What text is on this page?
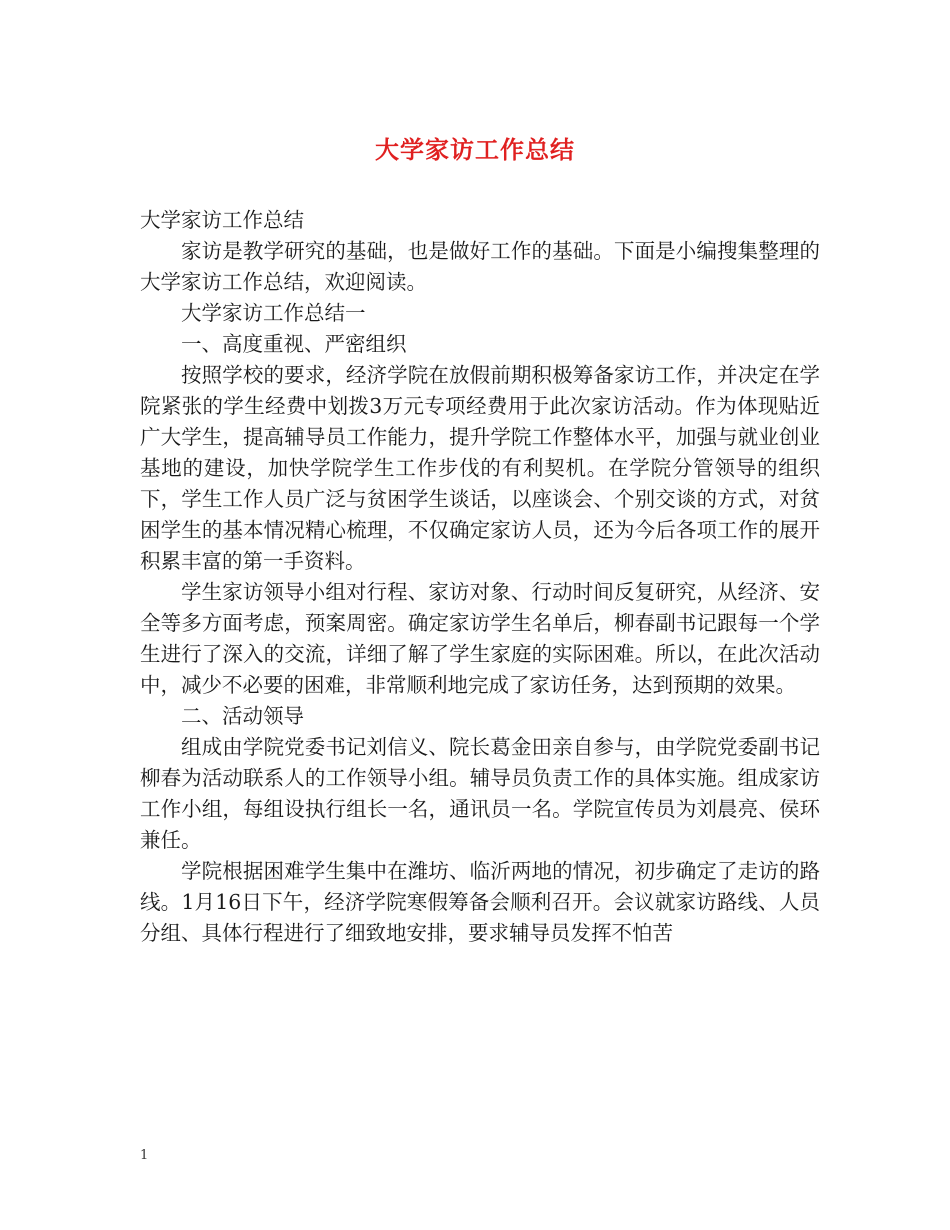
大学家访工作总结

大学家访工作总结

家访是教学研究的基础，也是做好工作的基础。下面是小编搜集整理的大学家访工作总结，欢迎阅读。

大学家访工作总结一

一、高度重视、严密组织

按照学校的要求，经济学院在放假前期积极筹备家访工作，并决定在学院紧张的学生经费中划拨3万元专项经费用于此次家访活动。作为体现贴近广大学生，提高辅导员工作能力，提升学院工作整体水平，加强与就业创业基地的建设，加快学院学生工作步伐的有利契机。在学院分管领导的组织下，学生工作人员广泛与贫困学生谈话，以座谈会、个别交谈的方式，对贫困学生的基本情况精心梳理，不仅确定家访人员，还为今后各项工作的展开积累丰富的第一手资料。

学生家访领导小组对行程、家访对象、行动时间反复研究，从经济、安全等多方面考虑，预案周密。确定家访学生名单后，柳春副书记跟每一个学生进行了深入的交流，详细了解了学生家庭的实际困难。所以，在此次活动中，减少不必要的困难，非常顺利地完成了家访任务，达到预期的效果。

二、活动领导

组成由学院党委书记刘信义、院长葛金田亲自参与，由学院党委副书记柳春为活动联系人的工作领导小组。辅导员负责工作的具体实施。组成家访工作小组，每组设执行组长一名，通讯员一名。学院宣传员为刘晨亮、侯环兼任。

学院根据困难学生集中在潍坊、临沂两地的情况，初步确定了走访的路线。1月16日下午，经济学院寒假筹备会顺利召开。会议就家访路线、人员分组、具体行程进行了细致地安排，要求辅导员发挥不怕苦

1
